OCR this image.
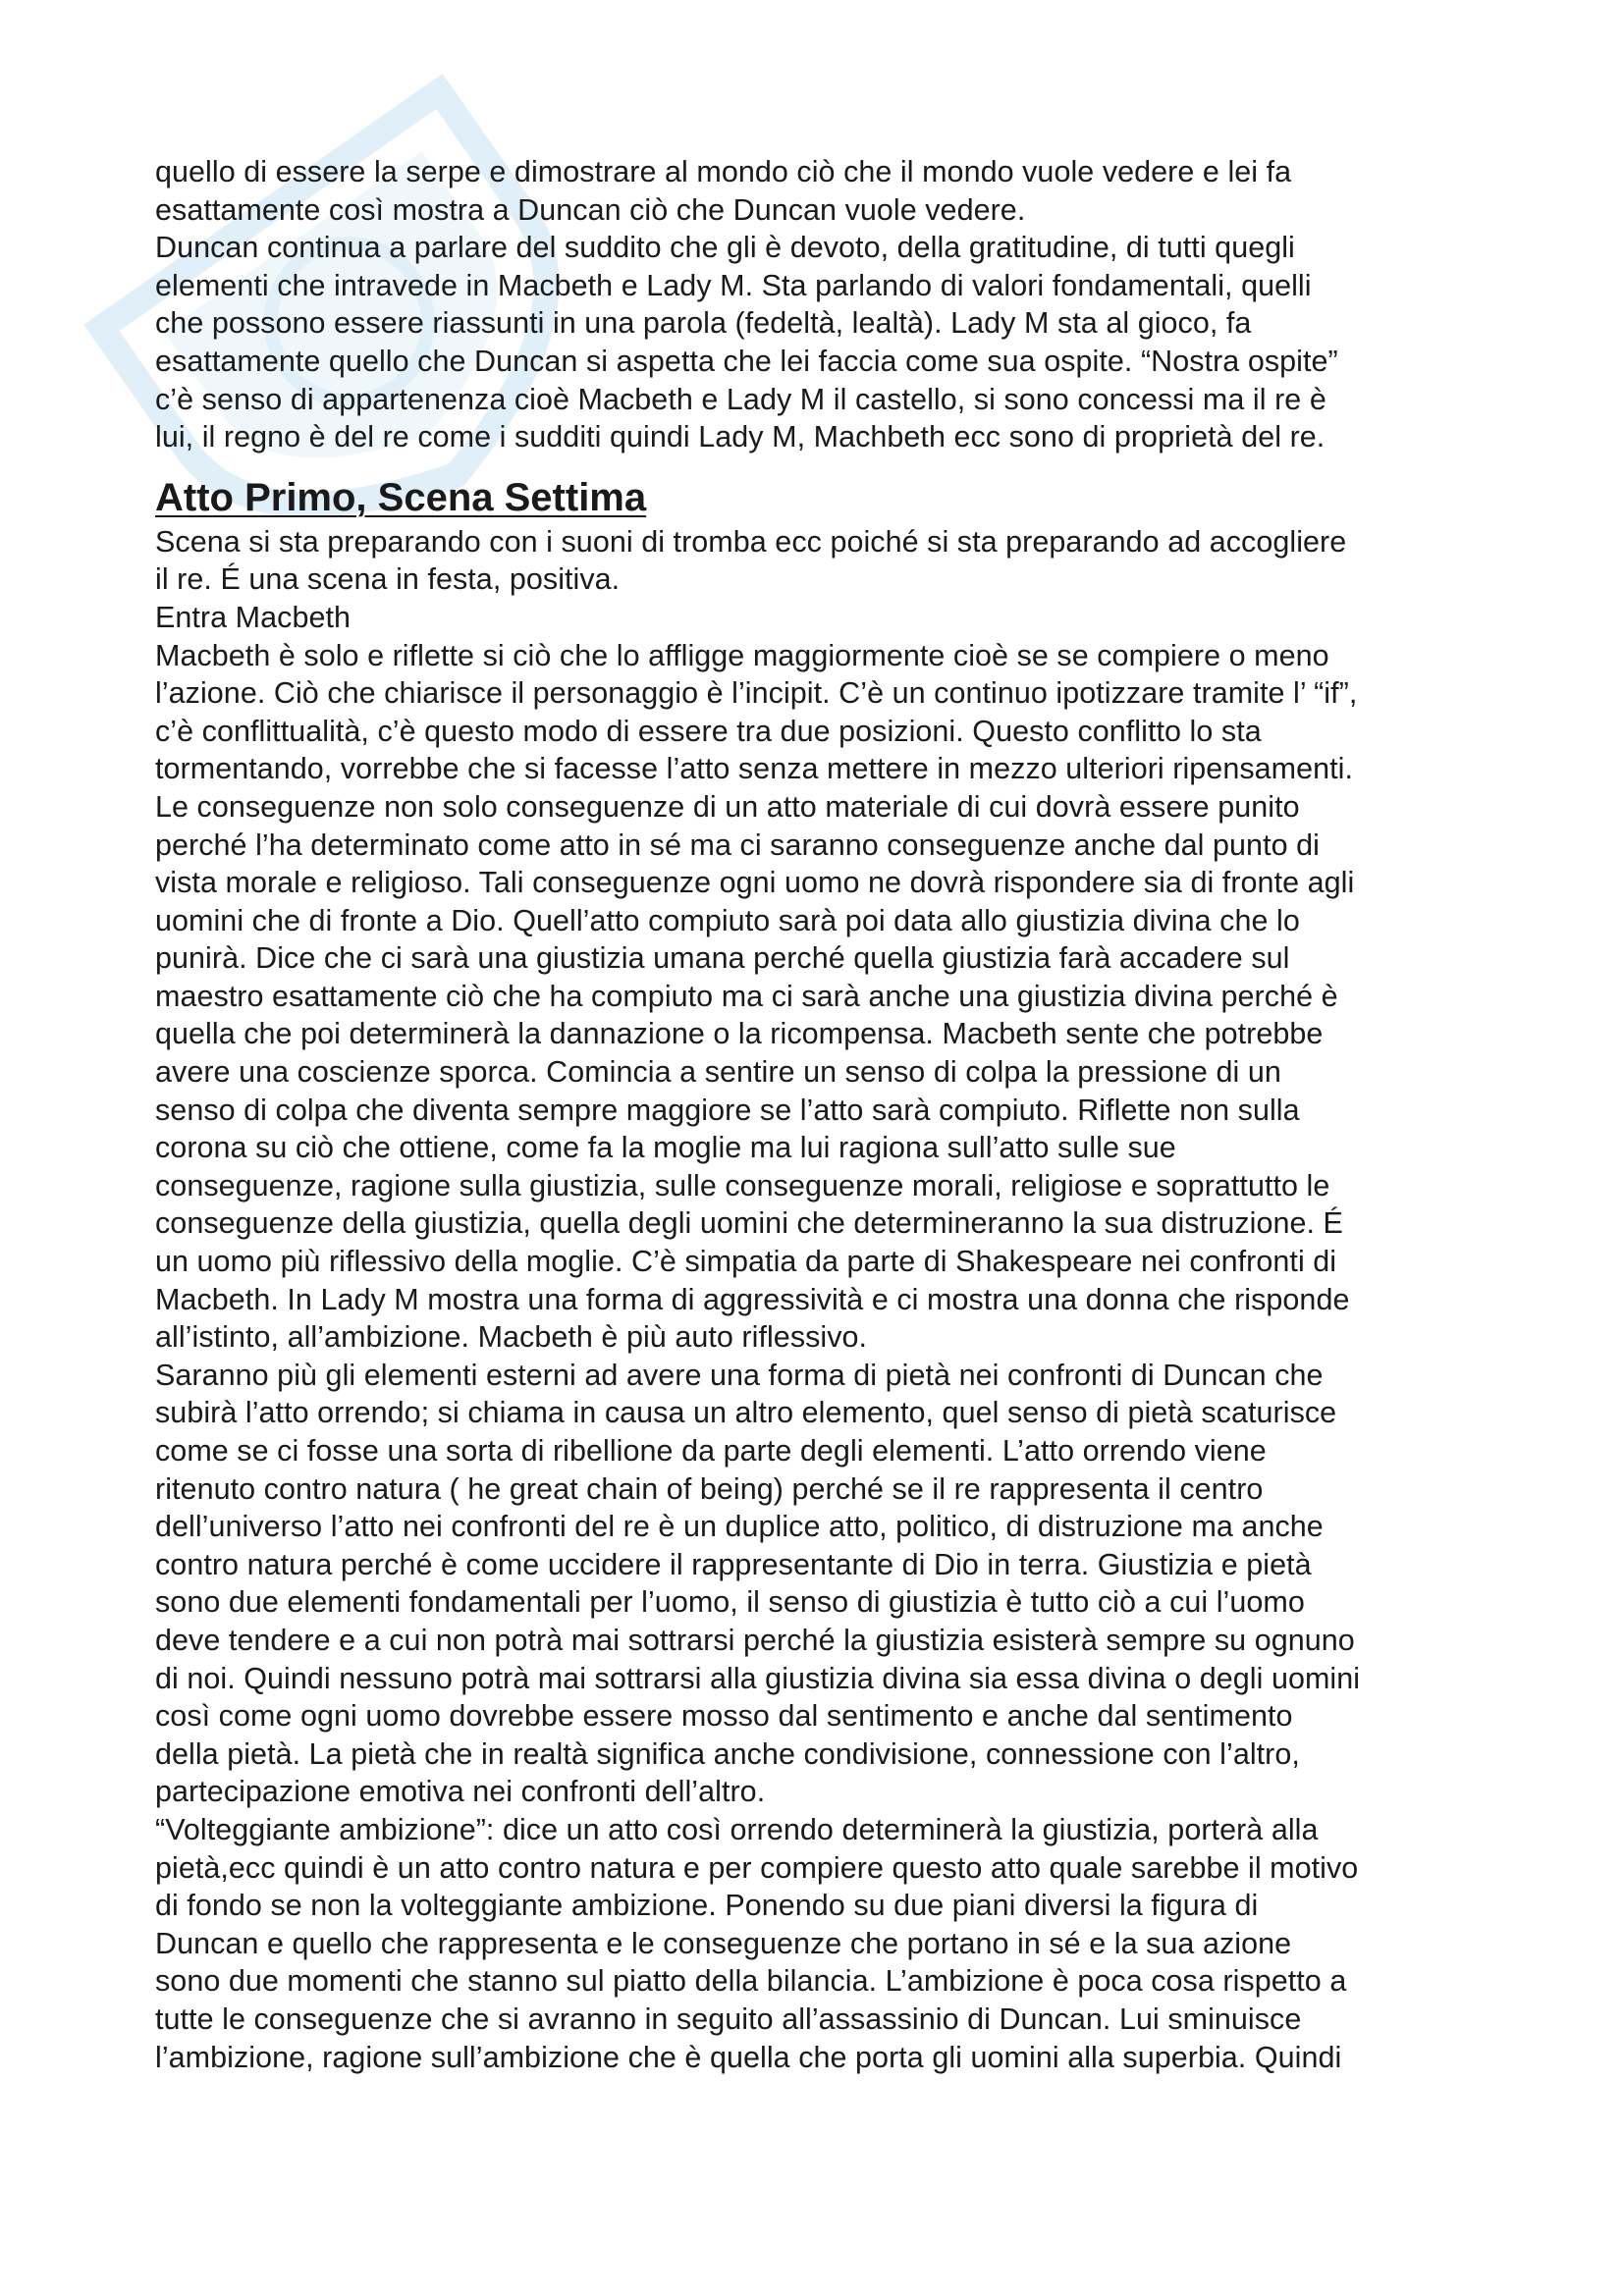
quello di essere la serpe e dimostrare al mondo ciò che il mondo vuole vedere e lei fa
esattamente così mostra a Duncan ciò che Duncan vuole vedere.
Duncan continua a parlare del suddito che gli è devoto, della gratitudine, di tutti quegli
elementi che intravede in Macbeth e Lady M. Sta parlando di valori fondamentali, quelli
che possono essere riassunti in una parola (fedeltà, lealtà). Lady M sta al gioco, fa
esattamente quello che Duncan si aspetta che lei faccia come sua ospite. “Nostra ospite”
c’è senso di appartenenza cioè Macbeth e Lady M il castello, si sono concessi ma il re è
lui, il regno è del re come i sudditi quindi Lady M, Machbeth ecc sono di proprietà del re.
Atto Primo, Scena Settima
Scena si sta preparando con i suoni di tromba ecc poiché si sta preparando ad accogliere
il re. É una scena in festa, positiva.
Entra Macbeth
Macbeth è solo e riflette si ciò che lo affligge maggiormente cioè se se compiere o meno
l’azione. Ciò che chiarisce il personaggio è l’incipit. C’è un continuo ipotizzare tramite l’ “if”,
c’è conflittualità, c’è questo modo di essere tra due posizioni. Questo conflitto lo sta
tormentando, vorrebbe che si facesse l’atto senza mettere in mezzo ulteriori ripensamenti.
Le conseguenze non solo conseguenze di un atto materiale di cui dovrà essere punito
perché l’ha determinato come atto in sé ma ci saranno conseguenze anche dal punto di
vista morale e religioso. Tali conseguenze ogni uomo ne dovrà rispondere sia di fronte agli
uomini che di fronte a Dio. Quell’atto compiuto sarà poi data allo giustizia divina che lo
punirà. Dice che ci sarà una giustizia umana perché quella giustizia farà accadere sul
maestro esattamente ciò che ha compiuto ma ci sarà anche una giustizia divina perché è
quella che poi determinerà la dannazione o la ricompensa. Macbeth sente che potrebbe
avere una coscienze sporca. Comincia a sentire un senso di colpa la pressione di un
senso di colpa che diventa sempre maggiore se l’atto sarà compiuto. Riflette non sulla
corona su ciò che ottiene, come fa la moglie ma lui ragiona sull’atto sulle sue
conseguenze, ragione sulla giustizia, sulle conseguenze morali, religiose e soprattutto le
conseguenze della giustizia, quella degli uomini che determineranno la sua distruzione. É
un uomo più riflessivo della moglie. C’è simpatia da parte di Shakespeare nei confronti di
Macbeth. In Lady M mostra una forma di aggressività e ci mostra una donna che risponde
all’istinto, all’ambizione. Macbeth è più auto riflessivo.
Saranno più gli elementi esterni ad avere una forma di pietà nei confronti di Duncan che
subirà l’atto orrendo; si chiama in causa un altro elemento, quel senso di pietà scaturisce
come se ci fosse una sorta di ribellione da parte degli elementi. L’atto orrendo viene
ritenuto contro natura ( he great chain of being) perché se il re rappresenta il centro
dell’universo l’atto nei confronti del re è un duplice atto, politico, di distruzione ma anche
contro natura perché è come uccidere il rappresentante di Dio in terra. Giustizia e pietà
sono due elementi fondamentali per l’uomo, il senso di giustizia è tutto ciò a cui l’uomo
deve tendere e a cui non potrà mai sottrarsi perché la giustizia esisterà sempre su ognuno
di noi. Quindi nessuno potrà mai sottrarsi alla giustizia divina sia essa divina o degli uomini
così come ogni uomo dovrebbe essere mosso dal sentimento e anche dal sentimento
della pietà. La pietà che in realtà significa anche condivisione, connessione con l’altro,
partecipazione emotiva nei confronti dell’altro.
“Volteggiante ambizione”: dice un atto così orrendo determinerà la giustizia, porterà alla
pietà,ecc quindi è un atto contro natura e per compiere questo atto quale sarebbe il motivo
di fondo se non la volteggiante ambizione. Ponendo su due piani diversi la figura di
Duncan e quello che rappresenta e le conseguenze che portano in sé e la sua azione
sono due momenti che stanno sul piatto della bilancia. L’ambizione è poca cosa rispetto a
tutte le conseguenze che si avranno in seguito all’assassinio di Duncan. Lui sminuisce
l’ambizione, ragione sull’ambizione che è quella che porta gli uomini alla superbia. Quindi
